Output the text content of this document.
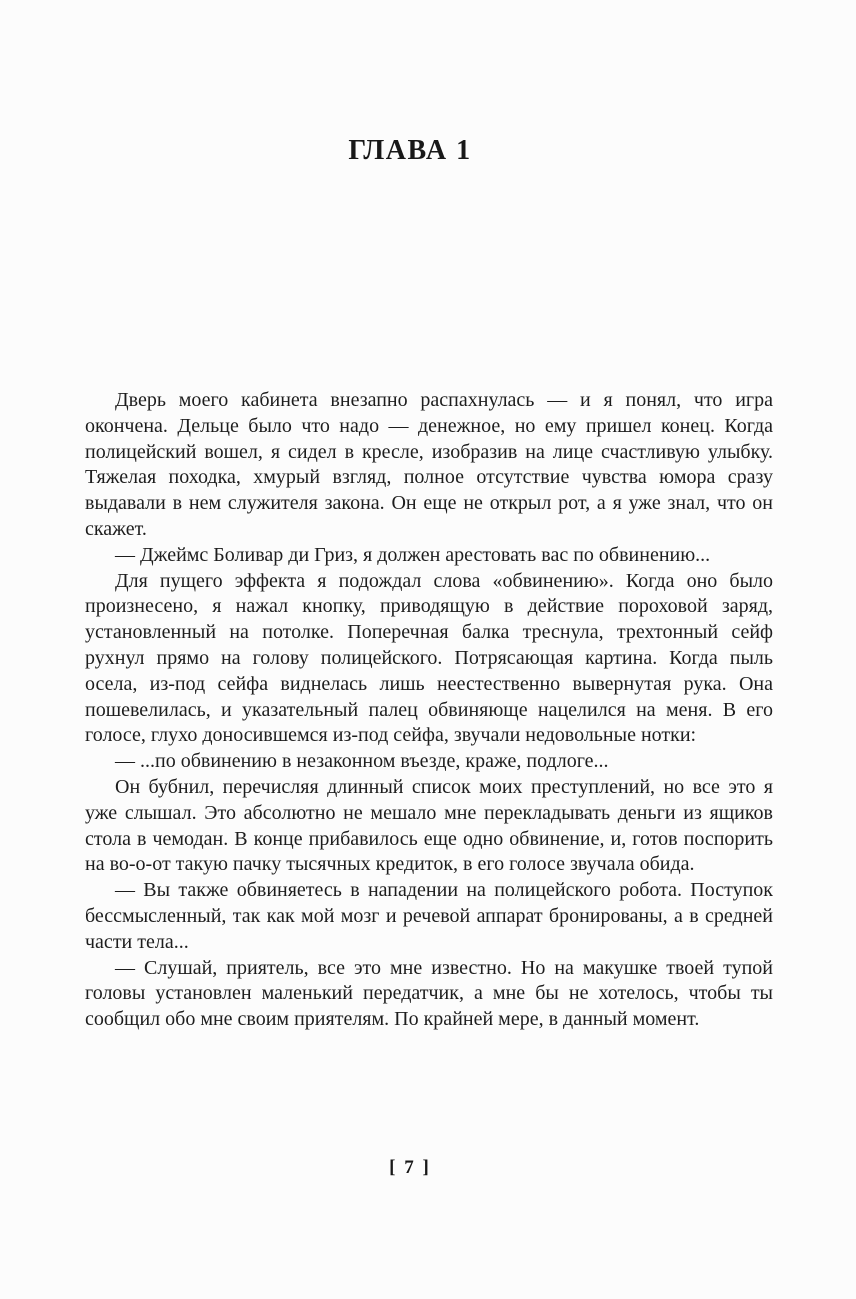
ГЛАВА 1

Дверь моего кабинета внезапно распахнулась — и я понял, что игра окончена. Дельце было что надо — денежное, но ему пришел конец. Когда полицейский вошел, я сидел в кресле, изобразив на лице счастливую улыбку. Тяжелая походка, хмурый взгляд, полное отсутствие чувства юмора сразу выдавали в нем служителя закона. Он еще не открыл рот, а я уже знал, что он скажет.

— Джеймс Боливар ди Гриз, я должен арестовать вас по обвинению...

Для пущего эффекта я подождал слова «обвинению». Когда оно было произнесено, я нажал кнопку, приводящую в действие пороховой заряд, установленный на потолке. Поперечная балка треснула, трехтонный сейф рухнул прямо на голову полицейского. Потрясающая картина. Когда пыль осела, из-под сейфа виднелась лишь неестественно вывернутая рука. Она пошевелилась, и указательный палец обвиняюще нацелился на меня. В его голосе, глухо доносившемся из-под сейфа, звучали недовольные нотки:

— ...по обвинению в незаконном въезде, краже, подлоге...

Он бубнил, перечисляя длинный список моих преступлений, но все это я уже слышал. Это абсолютно не мешало мне перекладывать деньги из ящиков стола в чемодан. В конце прибавилось еще одно обвинение, и, готов поспорить на во-о-от такую пачку тысячных кредиток, в его голосе звучала обида.

— Вы также обвиняетесь в нападении на полицейского робота. Поступок бессмысленный, так как мой мозг и речевой аппарат бронированы, а в средней части тела...

— Слушай, приятель, все это мне известно. Но на макушке твоей тупой головы установлен маленький передатчик, а мне бы не хотелось, чтобы ты сообщил обо мне своим приятелям. По крайней мере, в данный момент.

[ 7 ]
